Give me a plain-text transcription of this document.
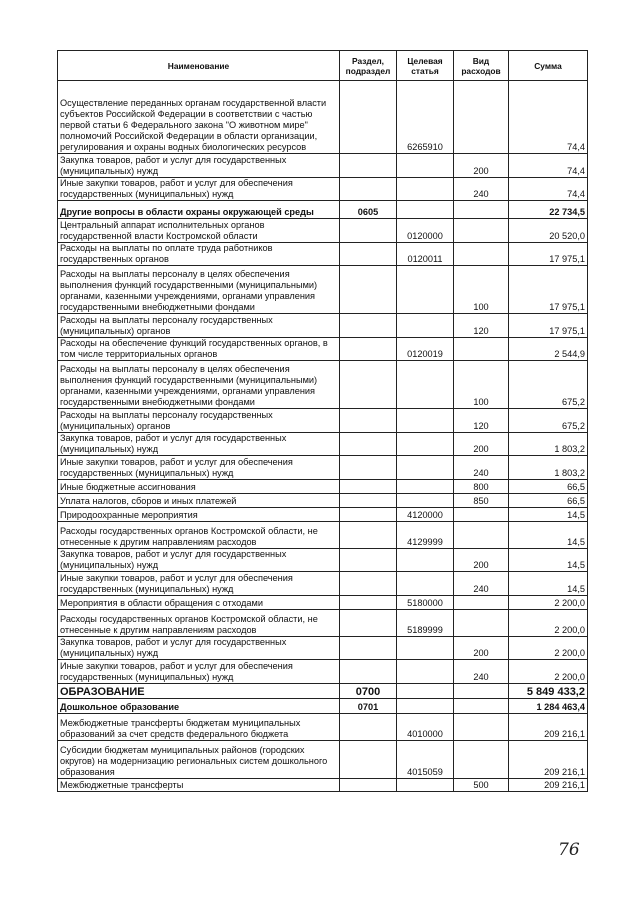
Наименование	Раздел, подраздел	Целевая статья	Вид расходов	Сумма
Осуществление переданных органам государственной власти субъектов Российской Федерации в соответствии с частью первой статьи 6 Федерального закона "О животном мире" полномочий Российской Федерации в области организации, регулирования и охраны водных биологических ресурсов		6265910		74,4
Закупка товаров, работ и услуг для государственных (муниципальных) нужд			200	74,4
Иные закупки товаров, работ и услуг для обеспечения государственных (муниципальных) нужд			240	74,4
Другие вопросы в области охраны окружающей среды	0605			22 734,5
Центральный аппарат исполнительных органов государственной власти Костромской области		0120000		20 520,0
Расходы на выплаты по оплате труда работников государственных органов		0120011		17 975,1
Расходы на выплаты персоналу в целях обеспечения выполнения функций государственными (муниципальными) органами, казенными учреждениями, органами управления государственными внебюджетными фондами			100	17 975,1
Расходы на выплаты персоналу государственных (муниципальных) органов			120	17 975,1
Расходы на обеспечение функций государственных органов, в том числе территориальных органов		0120019		2 544,9
Расходы на выплаты персоналу в целях обеспечения выполнения функций государственными (муниципальными) органами, казенными учреждениями, органами управления государственными внебюджетными фондами			100	675,2
Расходы на выплаты персоналу государственных (муниципальных) органов			120	675,2
Закупка товаров, работ и услуг для государственных (муниципальных) нужд			200	1 803,2
Иные закупки товаров, работ и услуг для обеспечения государственных (муниципальных) нужд			240	1 803,2
Иные бюджетные ассигнования			800	66,5
Уплата налогов, сборов и иных платежей			850	66,5
Природоохранные мероприятия		4120000		14,5
Расходы государственных органов Костромской области, не отнесенные к другим направлениям расходов		4129999		14,5
Закупка товаров, работ и услуг для государственных (муниципальных) нужд			200	14,5
Иные закупки товаров, работ и услуг для обеспечения государственных (муниципальных) нужд			240	14,5
Мероприятия в области обращения с отходами		5180000		2 200,0
Расходы государственных органов Костромской области, не отнесенные к другим направлениям расходов		5189999		2 200,0
Закупка товаров, работ и услуг для государственных (муниципальных) нужд			200	2 200,0
Иные закупки товаров, работ и услуг для обеспечения государственных (муниципальных) нужд			240	2 200,0
ОБРАЗОВАНИЕ	0700			5 849 433,2
Дошкольное образование	0701			1 284 463,4
Межбюджетные трансферты бюджетам муниципальных образований за счет средств федерального бюджета		4010000		209 216,1
Субсидии бюджетам муниципальных районов (городских округов) на модернизацию региональных систем дошкольного образования		4015059		209 216,1
Межбюджетные трансферты			500	209 216,1
76
